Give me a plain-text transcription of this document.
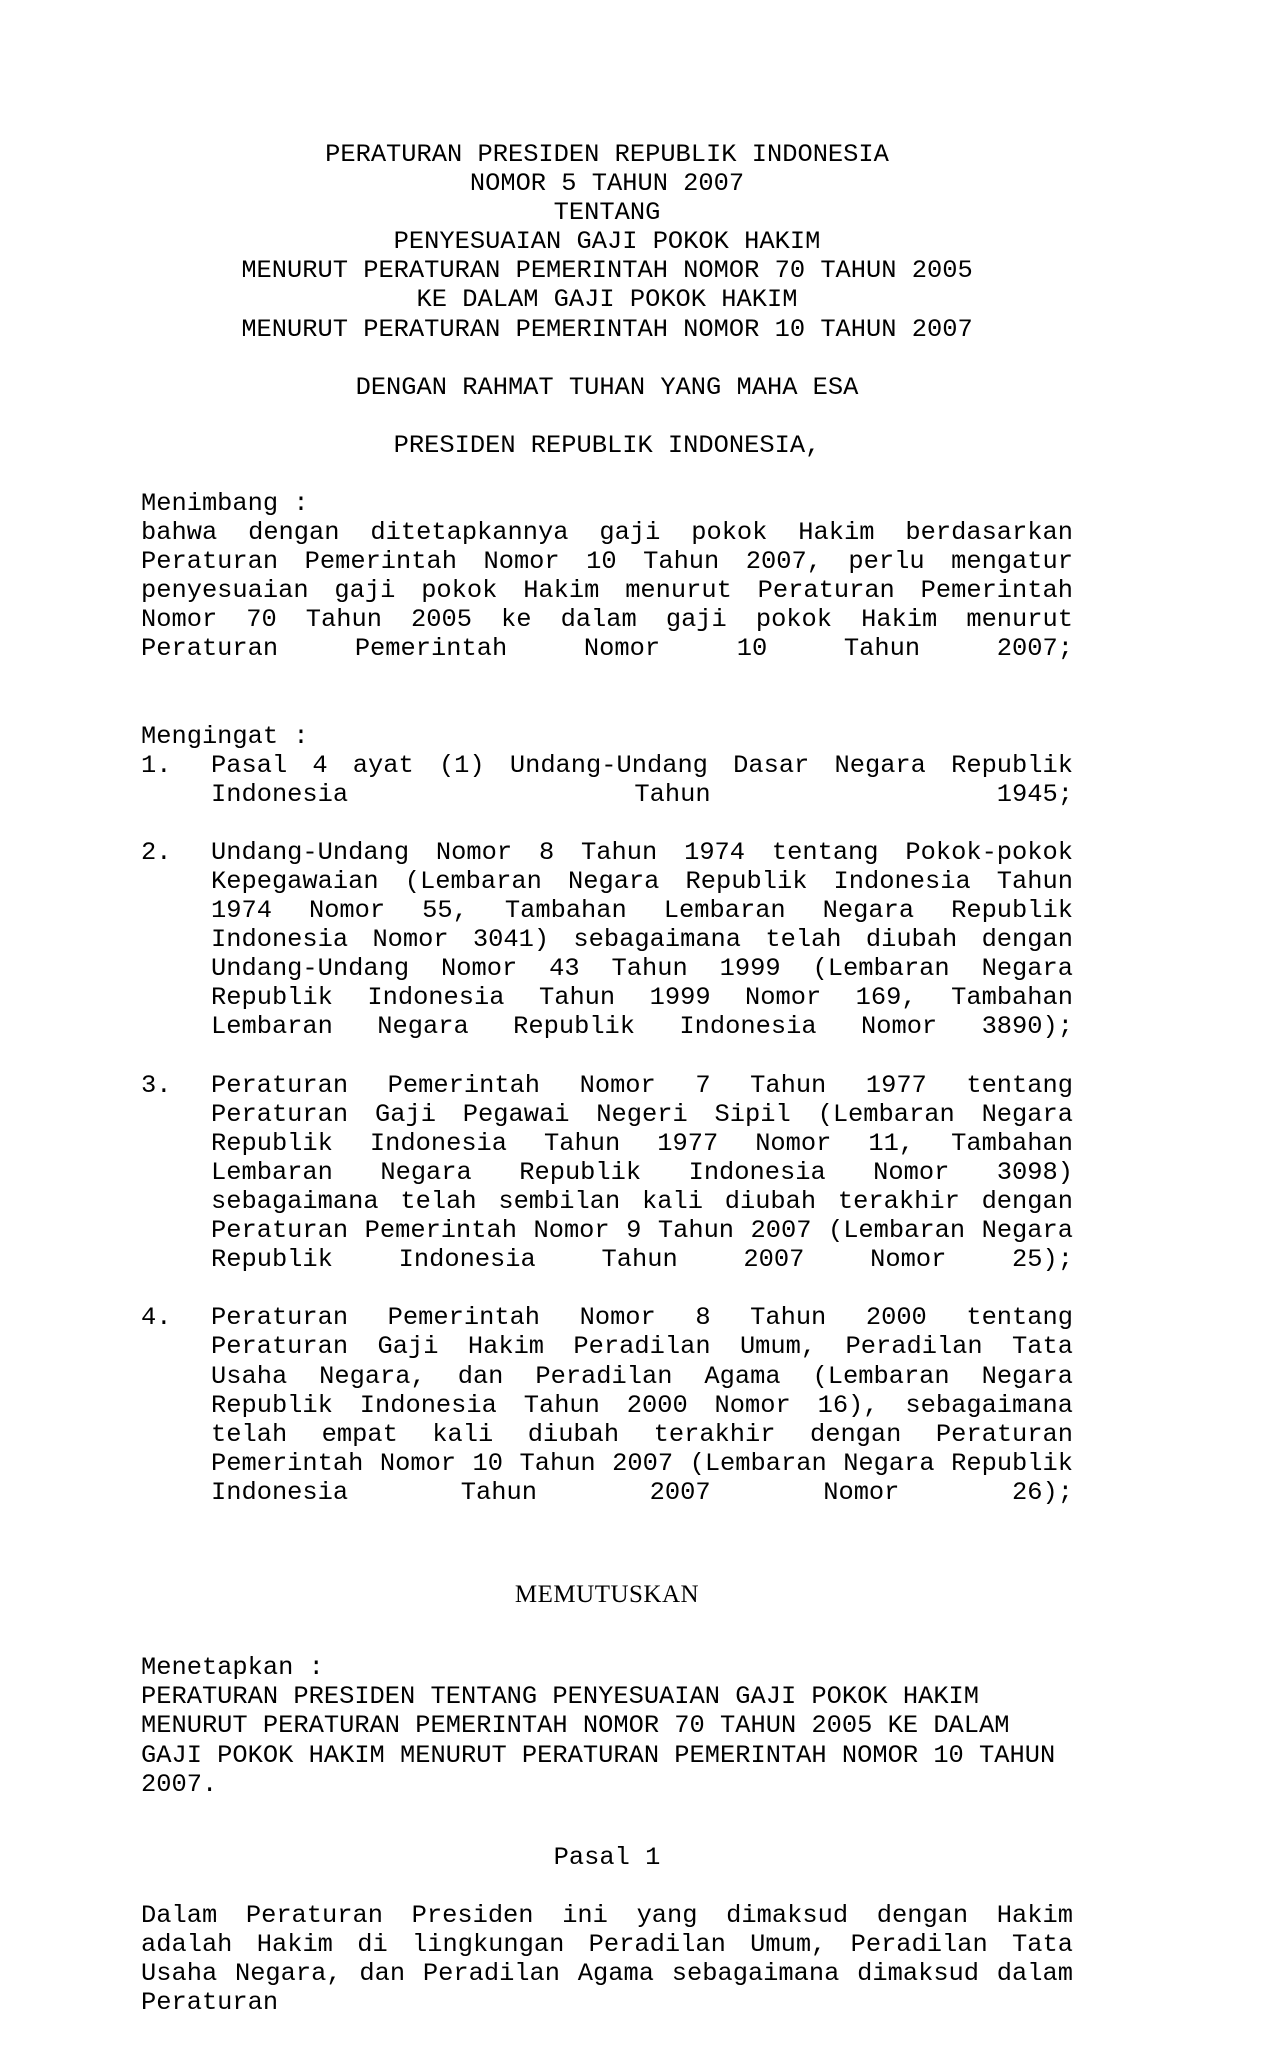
PERATURAN PRESIDEN REPUBLIK INDONESIA
NOMOR 5 TAHUN 2007
TENTANG
PENYESUAIAN GAJI POKOK HAKIM
MENURUT PERATURAN PEMERINTAH NOMOR 70 TAHUN 2005
KE DALAM GAJI POKOK HAKIM
MENURUT PERATURAN PEMERINTAH NOMOR 10 TAHUN 2007
DENGAN RAHMAT TUHAN YANG MAHA ESA
PRESIDEN REPUBLIK INDONESIA,
Menimbang :

bahwa dengan ditetapkannya gaji pokok Hakim berdasarkan Peraturan Pemerintah Nomor 10 Tahun 2007, perlu mengatur penyesuaian gaji pokok Hakim menurut Peraturan Pemerintah Nomor 70 Tahun 2005 ke dalam gaji pokok Hakim menurut Peraturan Pemerintah Nomor 10 Tahun 2007;

Mengingat :
1.	Pasal 4 ayat (1) Undang-Undang Dasar Negara Republik Indonesia Tahun 1945;

2.	Undang-Undang Nomor 8 Tahun 1974 tentang Pokok-pokok Kepegawaian (Lembaran Negara Republik Indonesia Tahun 1974 Nomor 55, Tambahan Lembaran Negara Republik Indonesia Nomor 3041) sebagaimana telah diubah dengan Undang-Undang Nomor 43 Tahun 1999 (Lembaran Negara Republik Indonesia Tahun 1999 Nomor 169, Tambahan Lembaran Negara Republik Indonesia Nomor 3890);

3.	Peraturan Pemerintah Nomor 7 Tahun 1977 tentang Peraturan Gaji Pegawai Negeri Sipil (Lembaran Negara Republik Indonesia Tahun 1977 Nomor 11, Tambahan Lembaran Negara Republik Indonesia Nomor 3098) sebagaimana telah sembilan kali diubah terakhir dengan Peraturan Pemerintah Nomor 9 Tahun 2007 (Lembaran Negara Republik Indonesia Tahun 2007 Nomor 25);

4.	Peraturan Pemerintah Nomor 8 Tahun 2000 tentang Peraturan Gaji Hakim Peradilan Umum, Peradilan Tata Usaha Negara, dan Peradilan Agama (Lembaran Negara Republik Indonesia Tahun 2000 Nomor 16), sebagaimana telah empat kali diubah terakhir dengan Peraturan Pemerintah Nomor 10 Tahun 2007 (Lembaran Negara Republik Indonesia Tahun 2007 Nomor 26);

MEMUTUSKAN
Menetapkan :

PERATURAN PRESIDEN TENTANG PENYESUAIAN GAJI POKOK HAKIM MENURUT PERATURAN PEMERINTAH NOMOR 70 TAHUN 2005 KE DALAM GAJI POKOK HAKIM MENURUT PERATURAN PEMERINTAH NOMOR 10 TAHUN 2007.

Pasal 1

Dalam Peraturan Presiden ini yang dimaksud dengan Hakim adalah Hakim di lingkungan Peradilan Umum, Peradilan Tata Usaha Negara, dan Peradilan Agama sebagaimana dimaksud dalam Peraturan
